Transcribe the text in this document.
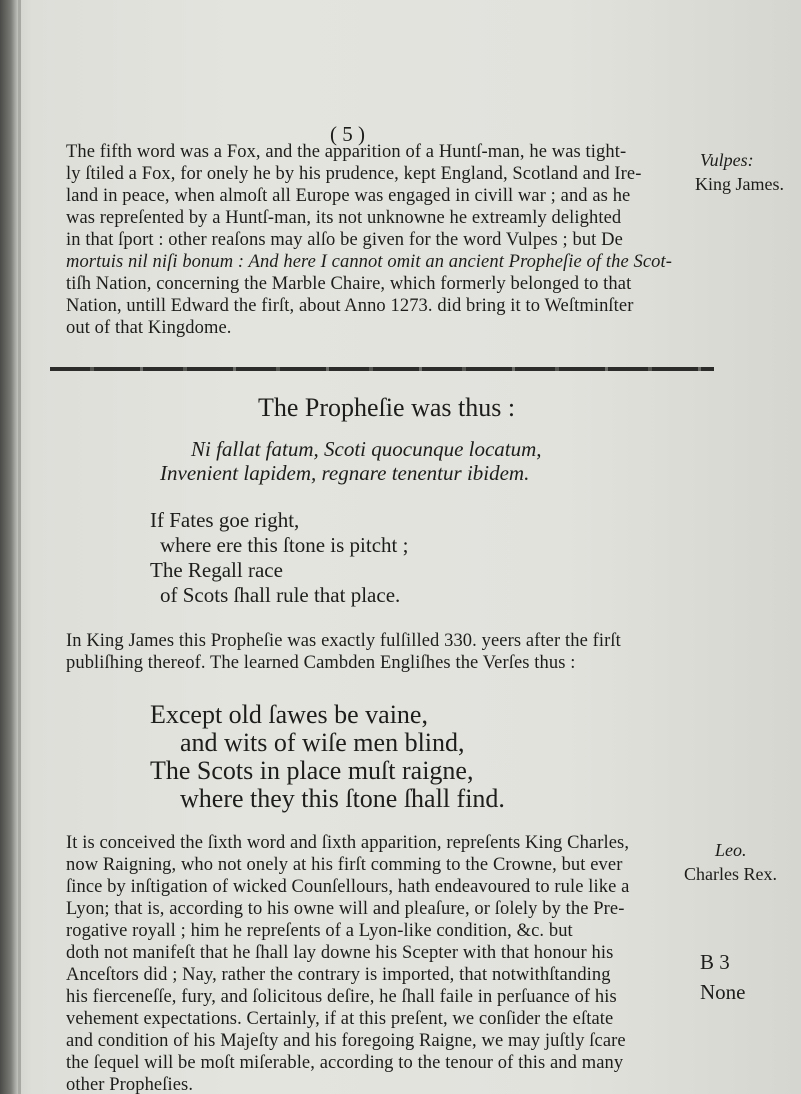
( 5 )
The fifth word was a Fox, and the apparition of a Huntſ-man, he was tight-
ly ſtiled a Fox, for onely he by his prudence, kept England, Scotland and Ire-
land in peace, when almoſt all Europe was engaged in civill war ; and as he
was repreſented by a Huntſ-man, its not unknowne he extreamly delighted
in that ſport : other reaſons may alſo be given for the word Vulpes ; but De
mortuis nil niſi bonum : And here I cannot omit an ancient Propheſie of the Scot-
tiſh Nation, concerning the Marble Chaire, which formerly belonged to that
Nation, untill Edward the firſt, about Anno 1273. did bring it to Weſtminſter
out of that Kingdome.
The Propheſie was thus :
Ni fallat fatum, Scoti quocunque locatum,
Invenient lapidem, regnare tenentur ibidem.
If Fates goe right,
where ere this ſtone is pitcht ;
The Regall race
of Scots ſhall rule that place.
In King James this Propheſie was exactly fulſilled 330. yeers after the firſt
publiſhing thereof. The learned Cambden Engliſhes the Verſes thus :
Except old ſawes be vaine,
and wits of wiſe men blind,
The Scots in place muſt raigne,
where they this ſtone ſhall find.
It is conceived the ſixth word and ſixth apparition, repreſents King Charles,
now Raigning, who not onely at his firſt comming to the Crowne, but ever
ſince by inſtigation of wicked Counſellours, hath endeavoured to rule like a
Lyon; that is, according to his owne will and pleaſure, or ſolely by the Pre-
rogative royall ; him he repreſents of a Lyon-like condition, &c. but
doth not manifeſt that he ſhall lay downe his Scepter with that honour his
Anceſtors did ; Nay, rather the contrary is imported, that notwithſtanding
his fierceneſſe, fury, and ſolicitous deſire, he ſhall faile in perſuance of his
vehement expectations. Certainly, if at this preſent, we conſider the eſtate
and condition of his Majeſty and his foregoing Raigne, we may juſtly ſcare
the ſequel will be moſt miſerable, according to the tenour of this and many
other Propheſies.
Vulpes:
King James.
Leo.
Charles Rex.
B 3
None
